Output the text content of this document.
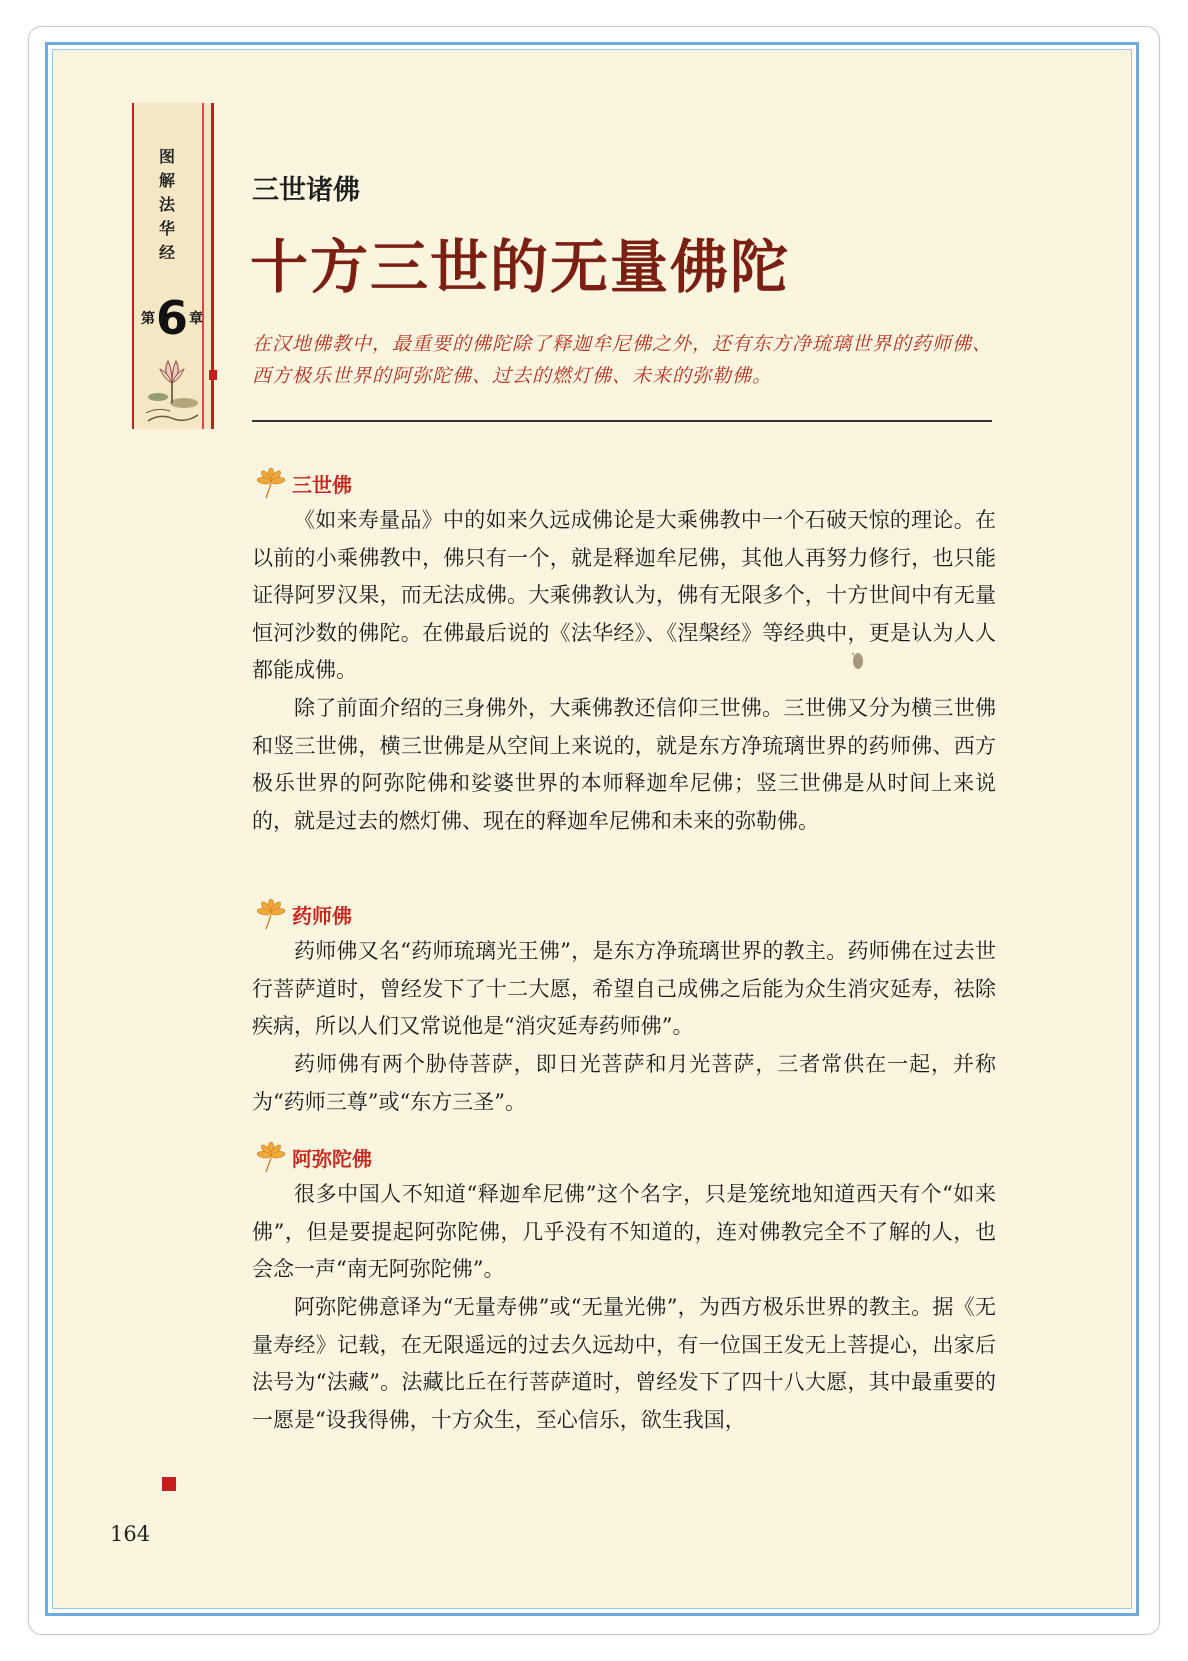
图解法华经
第 6 章
三世诸佛
十方三世的无量佛陀
在汉地佛教中，最重要的佛陀除了释迦牟尼佛之外，还有东方净琉璃世界的药师佛、西方极乐世界的阿弥陀佛、过去的燃灯佛、未来的弥勒佛。
三世佛
《如来寿量品》中的如来久远成佛论是大乘佛教中一个石破天惊的理论。在以前的小乘佛教中，佛只有一个，就是释迦牟尼佛，其他人再努力修行，也只能证得阿罗汉果，而无法成佛。大乘佛教认为，佛有无限多个，十方世间中有无量恒河沙数的佛陀。在佛最后说的《法华经》、《涅槃经》等经典中，更是认为人人都能成佛。
除了前面介绍的三身佛外，大乘佛教还信仰三世佛。三世佛又分为横三世佛和竖三世佛，横三世佛是从空间上来说的，就是东方净琉璃世界的药师佛、西方极乐世界的阿弥陀佛和娑婆世界的本师释迦牟尼佛；竖三世佛是从时间上来说的，就是过去的燃灯佛、现在的释迦牟尼佛和未来的弥勒佛。
药师佛
药师佛又名“药师琉璃光王佛”，是东方净琉璃世界的教主。药师佛在过去世行菩萨道时，曾经发下了十二大愿，希望自己成佛之后能为众生消灾延寿，祛除疾病，所以人们又常说他是“消灾延寿药师佛”。
药师佛有两个胁侍菩萨，即日光菩萨和月光菩萨，三者常供在一起，并称为“药师三尊”或“东方三圣”。
阿弥陀佛
很多中国人不知道“释迦牟尼佛”这个名字，只是笼统地知道西天有个“如来佛”，但是要提起阿弥陀佛，几乎没有不知道的，连对佛教完全不了解的人，也会念一声“南无阿弥陀佛”。
阿弥陀佛意译为“无量寿佛”或“无量光佛”，为西方极乐世界的教主。据《无量寿经》记载，在无限遥远的过去久远劫中，有一位国王发无上菩提心，出家后法号为“法藏”。法藏比丘在行菩萨道时，曾经发下了四十八大愿，其中最重要的一愿是“设我得佛，十方众生，至心信乐，欲生我国，
164
